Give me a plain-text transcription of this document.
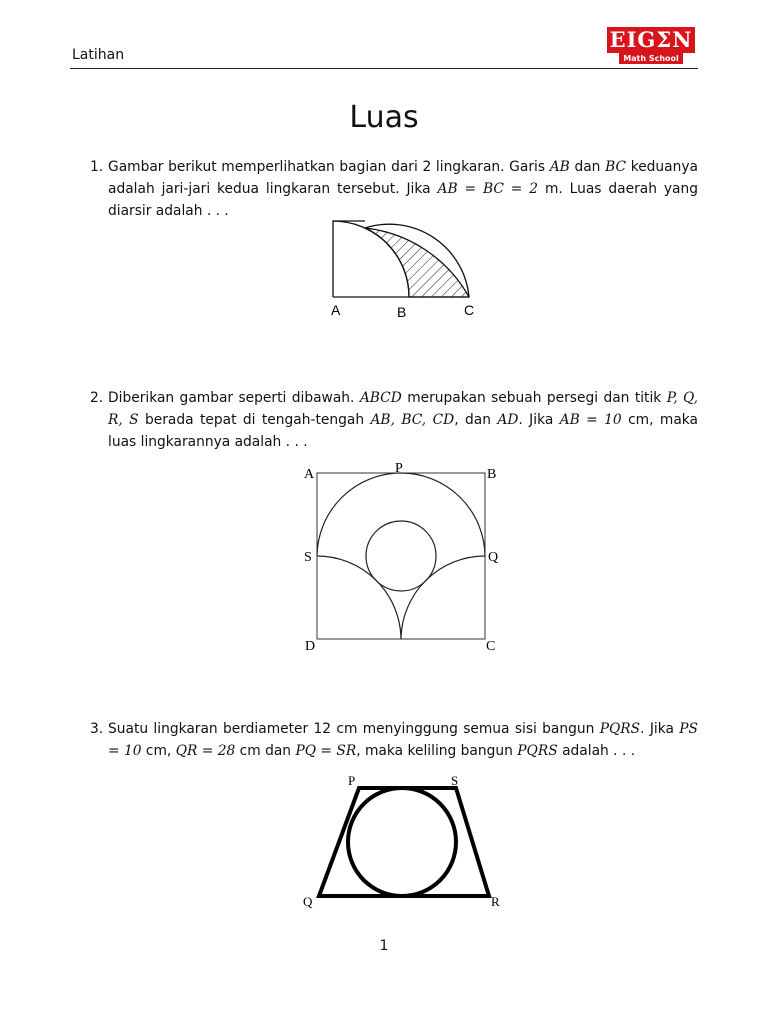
Latihan
EIGΣN
Math School
Luas
1. Gambar berikut memperlihatkan bagian dari 2 lingkaran. Garis AB dan BC keduanya adalah jari-jari kedua lingkaran tersebut. Jika AB = BC = 2 m. Luas daerah yang diarsir adalah . . .
A	B	C
2. Diberikan gambar seperti dibawah. ABCD merupakan sebuah persegi dan titik P, Q, R, S berada tepat di tengah-tengah AB, BC, CD, dan AD. Jika AB = 10 cm, maka luas lingkarannya adalah . . .
A	P	B
S	Q
D	C
3. Suatu lingkaran berdiameter 12 cm menyinggung semua sisi bangun PQRS. Jika PS = 10 cm, QR = 28 cm dan PQ = SR, maka keliling bangun PQRS adalah . . .
P	S
Q	R
1
